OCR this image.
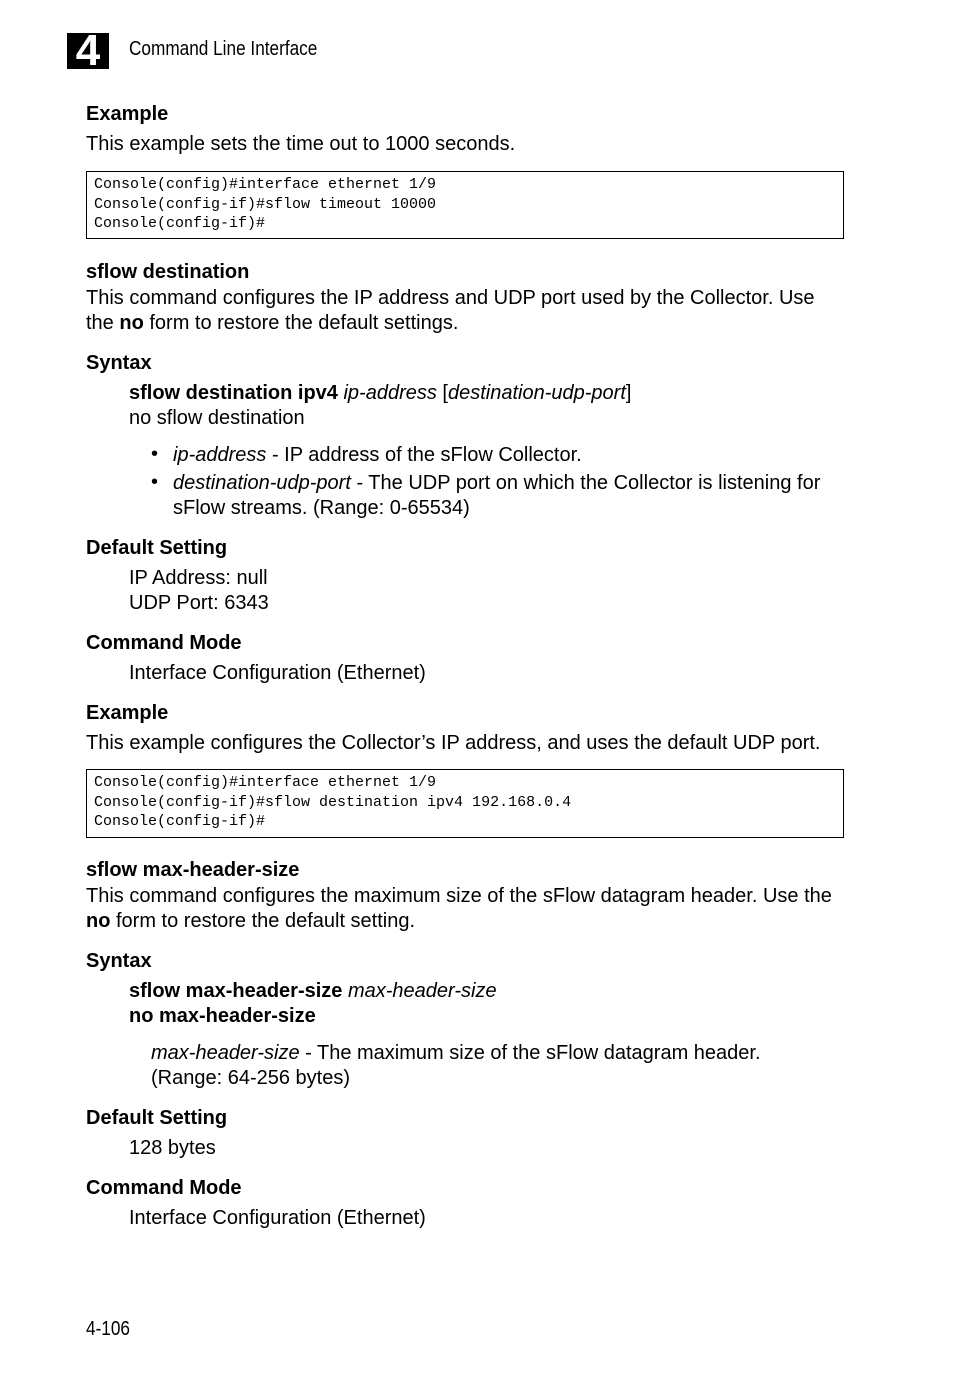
4	Command Line Interface
Example
This example sets the time out to 1000 seconds.
Console(config)#interface ethernet 1/9
Console(config-if)#sflow timeout 10000
Console(config-if)#
sflow destination
This command configures the IP address and UDP port used by the Collector. Use
the no form to restore the default settings.
Syntax
sflow destination ipv4 ip-address [destination-udp-port]
no sflow destination
• ip-address - IP address of the sFlow Collector.
• destination-udp-port - The UDP port on which the Collector is listening for
sFlow streams. (Range: 0-65534)
Default Setting
IP Address: null
UDP Port: 6343
Command Mode
Interface Configuration (Ethernet)
Example
This example configures the Collector’s IP address, and uses the default UDP port.
Console(config)#interface ethernet 1/9
Console(config-if)#sflow destination ipv4 192.168.0.4
Console(config-if)#
sflow max-header-size
This command configures the maximum size of the sFlow datagram header. Use the
no form to restore the default setting.
Syntax
sflow max-header-size max-header-size
no max-header-size
max-header-size - The maximum size of the sFlow datagram header.
(Range: 64-256 bytes)
Default Setting
128 bytes
Command Mode
Interface Configuration (Ethernet)
4-106
